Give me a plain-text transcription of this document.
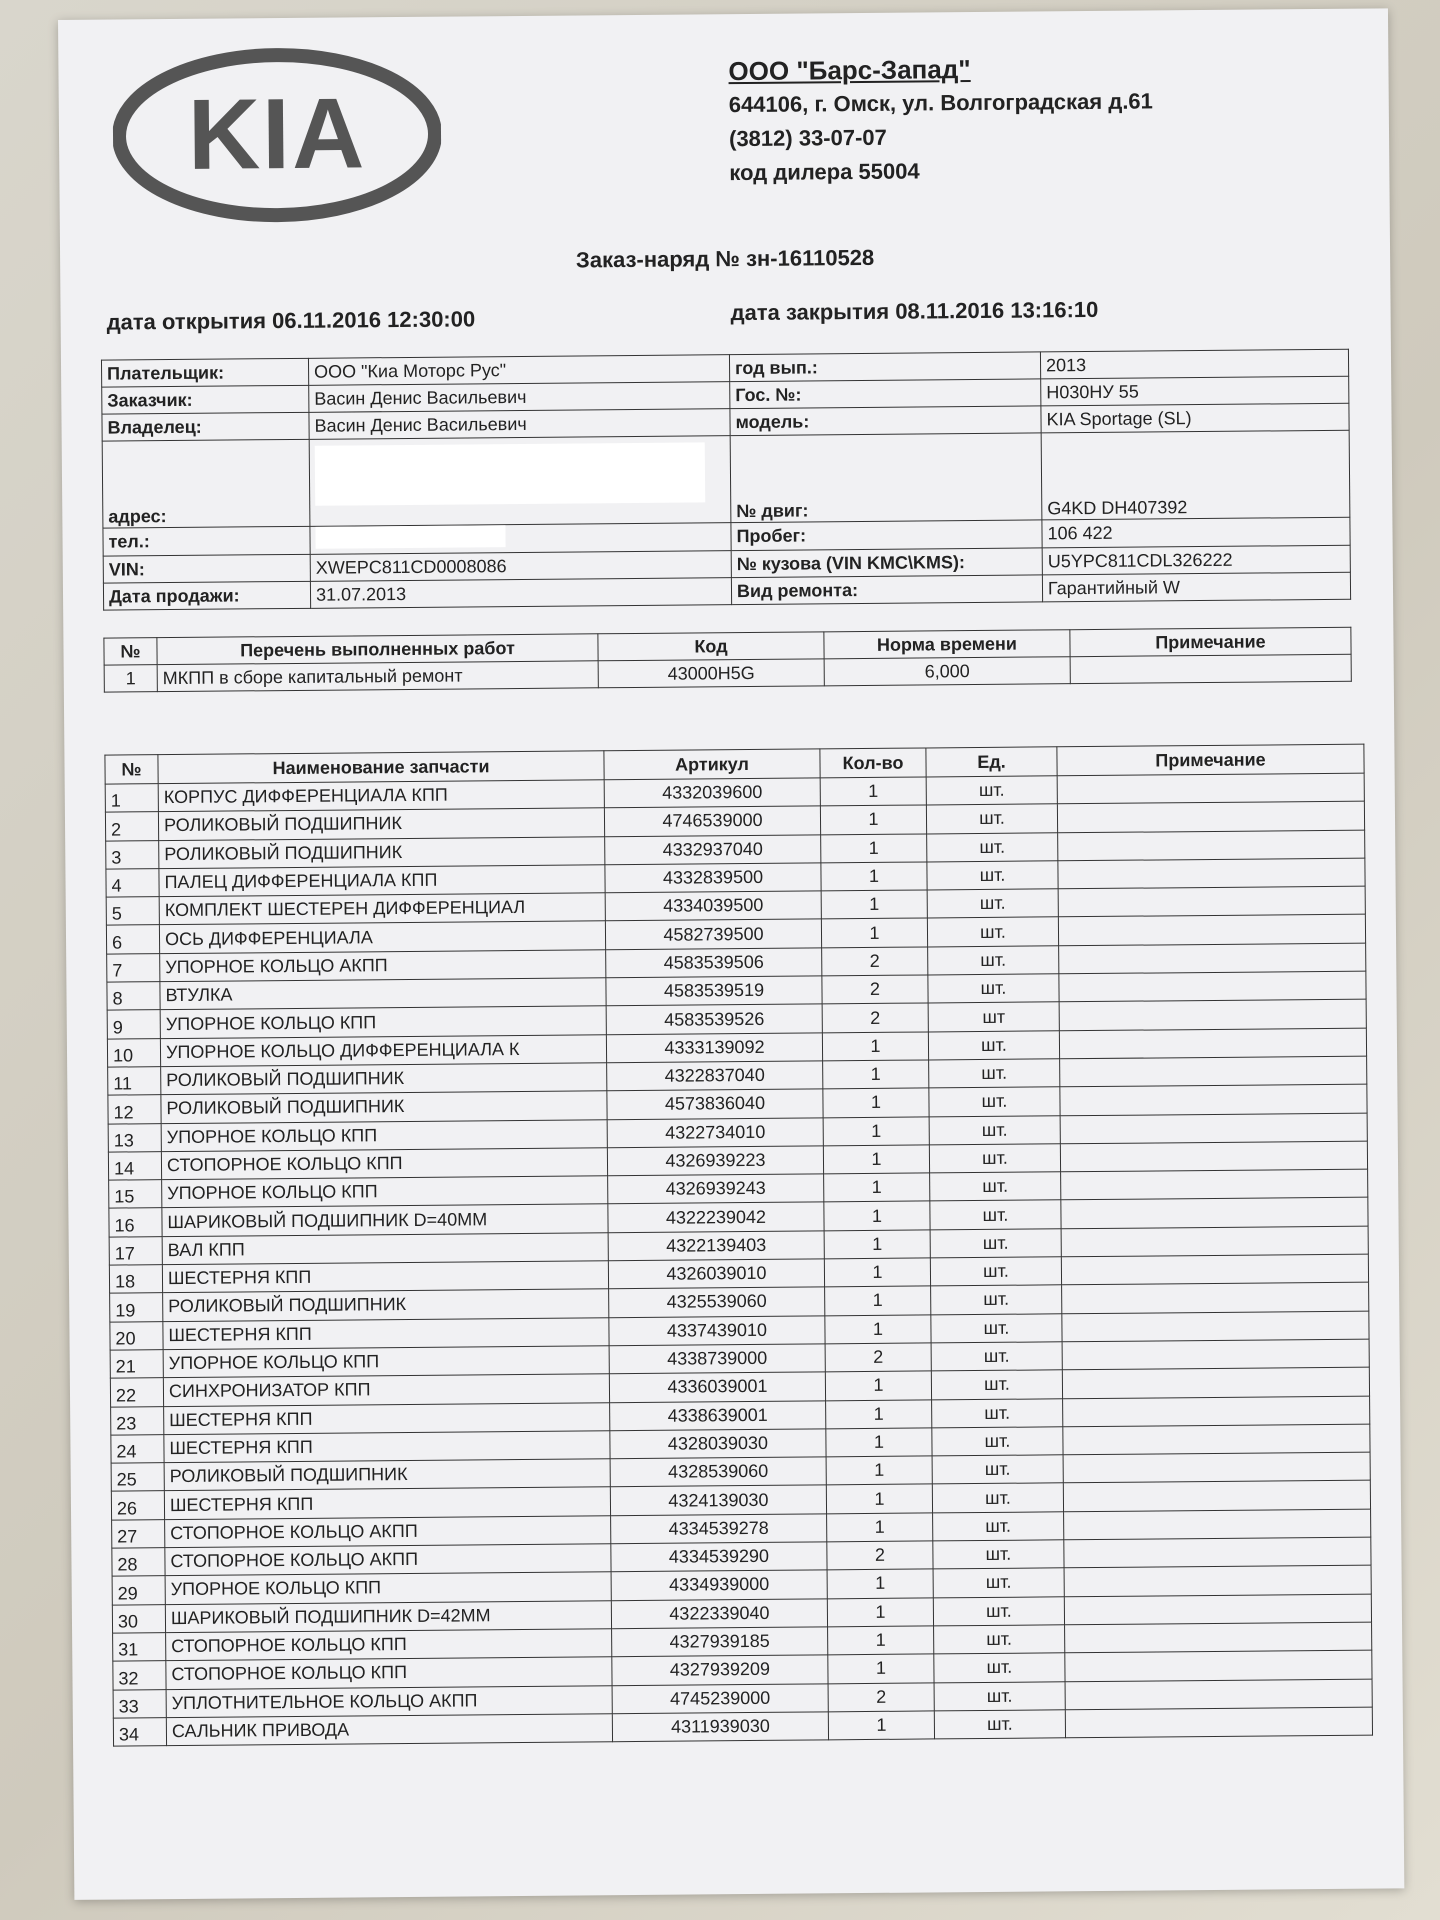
KIA
ООО "Барс-Запад"
644106, г. Омск, ул. Волгоградская д.61
(3812) 33-07-07
код дилера 55004
Заказ-наряд № зн-16110528
дата открытия 06.11.2016 12:30:00	дата закрытия 08.11.2016 13:16:10
Плательщик:	ООО "Киа Моторс Рус"	год вып.:	2013
Заказчик:	Васин Денис Васильевич	Гос. №:	Н030НУ 55
Владелец:	Васин Денис Васильевич	модель:	KIA Sportage (SL)
адрес:		№ двиг:	G4KD DH407392
тел.:		Пробег:	106 422
VIN:	XWEPC811CD0008086	№ кузова (VIN KMC\KMS):	U5YPC811CDL326222
Дата продажи:	31.07.2013	Вид ремонта:	Гарантийный W
№	Перечень выполненных работ	Код	Норма времени	Примечание
1	МКПП в сборе капитальный ремонт	43000H5G	6,000	
№	Наименование запчасти	Артикул	Кол-во	Ед.	Примечание
1	КОРПУС ДИФФЕРЕНЦИАЛА КПП	4332039600	1	шт.	
2	РОЛИКОВЫЙ ПОДШИПНИК	4746539000	1	шт.	
3	РОЛИКОВЫЙ ПОДШИПНИК	4332937040	1	шт.	
4	ПАЛЕЦ ДИФФЕРЕНЦИАЛА КПП	4332839500	1	шт.	
5	КОМПЛЕКТ ШЕСТЕРЕН ДИФФЕРЕНЦИАЛ	4334039500	1	шт.	
6	ОСЬ ДИФФЕРЕНЦИАЛА	4582739500	1	шт.	
7	УПОРНОЕ КОЛЬЦО АКПП	4583539506	2	шт.	
8	ВТУЛКА	4583539519	2	шт.	
9	УПОРНОЕ КОЛЬЦО КПП	4583539526	2	шт	
10	УПОРНОЕ КОЛЬЦО ДИФФЕРЕНЦИАЛА К	4333139092	1	шт.	
11	РОЛИКОВЫЙ ПОДШИПНИК	4322837040	1	шт.	
12	РОЛИКОВЫЙ ПОДШИПНИК	4573836040	1	шт.	
13	УПОРНОЕ КОЛЬЦО КПП	4322734010	1	шт.	
14	СТОПОРНОЕ КОЛЬЦО КПП	4326939223	1	шт.	
15	УПОРНОЕ КОЛЬЦО КПП	4326939243	1	шт.	
16	ШАРИКОВЫЙ ПОДШИПНИК D=40MM	4322239042	1	шт.	
17	ВАЛ КПП	4322139403	1	шт.	
18	ШЕСТЕРНЯ КПП	4326039010	1	шт.	
19	РОЛИКОВЫЙ ПОДШИПНИК	4325539060	1	шт.	
20	ШЕСТЕРНЯ КПП	4337439010	1	шт.	
21	УПОРНОЕ КОЛЬЦО КПП	4338739000	2	шт.	
22	СИНХРОНИЗАТОР КПП	4336039001	1	шт.	
23	ШЕСТЕРНЯ КПП	4338639001	1	шт.	
24	ШЕСТЕРНЯ КПП	4328039030	1	шт.	
25	РОЛИКОВЫЙ ПОДШИПНИК	4328539060	1	шт.	
26	ШЕСТЕРНЯ КПП	4324139030	1	шт.	
27	СТОПОРНОЕ КОЛЬЦО АКПП	4334539278	1	шт.	
28	СТОПОРНОЕ КОЛЬЦО АКПП	4334539290	2	шт.	
29	УПОРНОЕ КОЛЬЦО КПП	4334939000	1	шт.	
30	ШАРИКОВЫЙ ПОДШИПНИК D=42MM	4322339040	1	шт.	
31	СТОПОРНОЕ КОЛЬЦО КПП	4327939185	1	шт.	
32	СТОПОРНОЕ КОЛЬЦО КПП	4327939209	1	шт.	
33	УПЛОТНИТЕЛЬНОЕ КОЛЬЦО АКПП	4745239000	2	шт.	
34	САЛЬНИК ПРИВОДА	4311939030	1	шт.	
